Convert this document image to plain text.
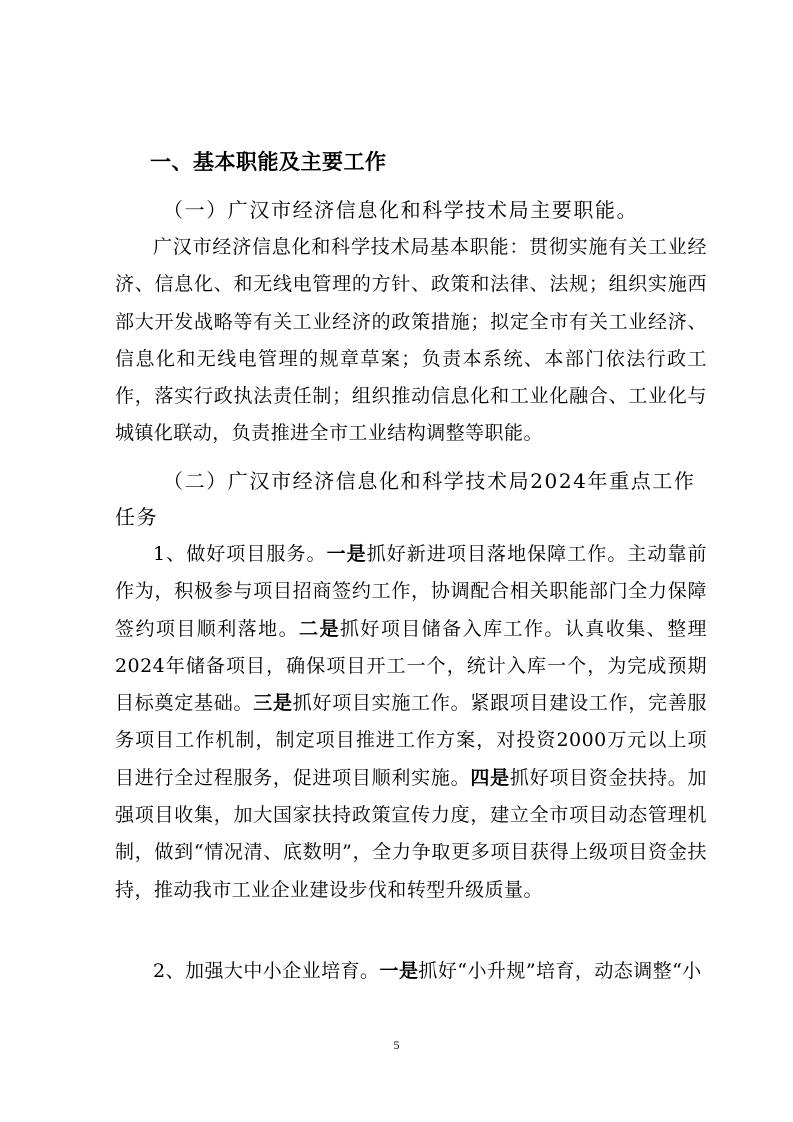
一、基本职能及主要工作
（一）广汉市经济信息化和科学技术局主要职能。
广汉市经济信息化和科学技术局基本职能：贯彻实施有关工业经济、信息化、和无线电管理的方针、政策和法律、法规；组织实施西部大开发战略等有关工业经济的政策措施；拟定全市有关工业经济、信息化和无线电管理的规章草案；负责本系统、本部门依法行政工作，落实行政执法责任制；组织推动信息化和工业化融合、工业化与城镇化联动，负责推进全市工业结构调整等职能。
（二）广汉市经济信息化和科学技术局2024年重点工作任务
1、做好项目服务。一是抓好新进项目落地保障工作。主动靠前作为，积极参与项目招商签约工作，协调配合相关职能部门全力保障签约项目顺利落地。二是抓好项目储备入库工作。认真收集、整理2024年储备项目，确保项目开工一个，统计入库一个，为完成预期目标奠定基础。三是抓好项目实施工作。紧跟项目建设工作，完善服务项目工作机制，制定项目推进工作方案，对投资2000万元以上项目进行全过程服务，促进项目顺利实施。四是抓好项目资金扶持。加强项目收集，加大国家扶持政策宣传力度，建立全市项目动态管理机制，做到“情况清、底数明”，全力争取更多项目获得上级项目资金扶持，推动我市工业企业建设步伐和转型升级质量。
2、加强大中小企业培育。一是抓好“小升规”培育，动态调整“小
5
